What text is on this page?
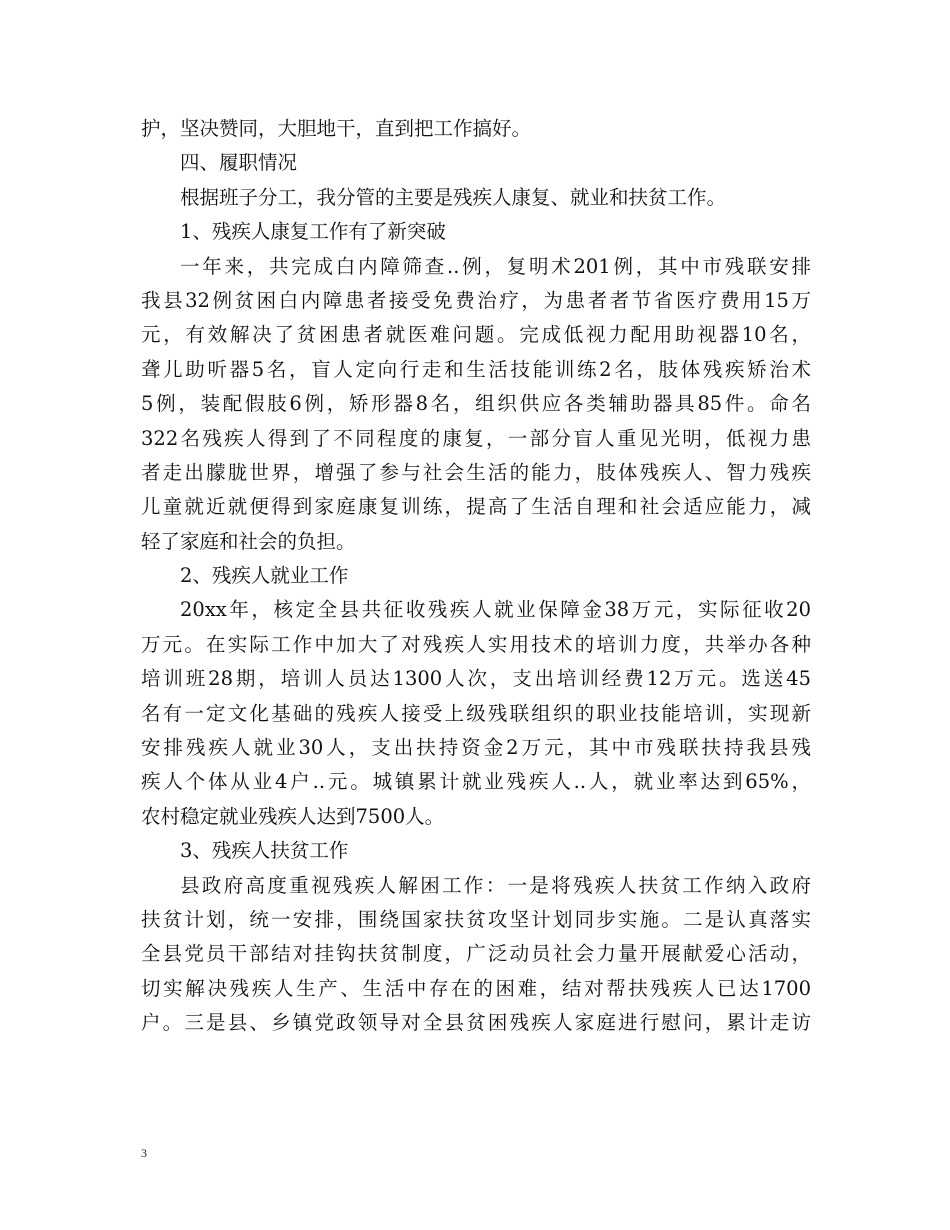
护，坚决赞同，大胆地干，直到把工作搞好。
四、履职情况
根据班子分工，我分管的主要是残疾人康复、就业和扶贫工作。
1、残疾人康复工作有了新突破
一年来，共完成白内障筛查..例，复明术201例，其中市残联安排
我县32例贫困白内障患者接受免费治疗，为患者者节省医疗费用15万
元，有效解决了贫困患者就医难问题。完成低视力配用助视器10名，
聋儿助听器5名，盲人定向行走和生活技能训练2名，肢体残疾矫治术
5例，装配假肢6例，矫形器8名，组织供应各类辅助器具85件。命名
322名残疾人得到了不同程度的康复，一部分盲人重见光明，低视力患
者走出朦胧世界，增强了参与社会生活的能力，肢体残疾人、智力残疾
儿童就近就便得到家庭康复训练，提高了生活自理和社会适应能力，减
轻了家庭和社会的负担。
2、残疾人就业工作
20xx年，核定全县共征收残疾人就业保障金38万元，实际征收20
万元。在实际工作中加大了对残疾人实用技术的培训力度，共举办各种
培训班28期，培训人员达1300人次，支出培训经费12万元。选送45
名有一定文化基础的残疾人接受上级残联组织的职业技能培训，实现新
安排残疾人就业30人，支出扶持资金2万元，其中市残联扶持我县残
疾人个体从业4户..元。城镇累计就业残疾人..人，就业率达到65%，
农村稳定就业残疾人达到7500人。
3、残疾人扶贫工作
县政府高度重视残疾人解困工作：一是将残疾人扶贫工作纳入政府
扶贫计划，统一安排，围绕国家扶贫攻坚计划同步实施。二是认真落实
全县党员干部结对挂钩扶贫制度，广泛动员社会力量开展献爱心活动，
切实解决残疾人生产、生活中存在的困难，结对帮扶残疾人已达1700
户。三是县、乡镇党政领导对全县贫困残疾人家庭进行慰问，累计走访
3
